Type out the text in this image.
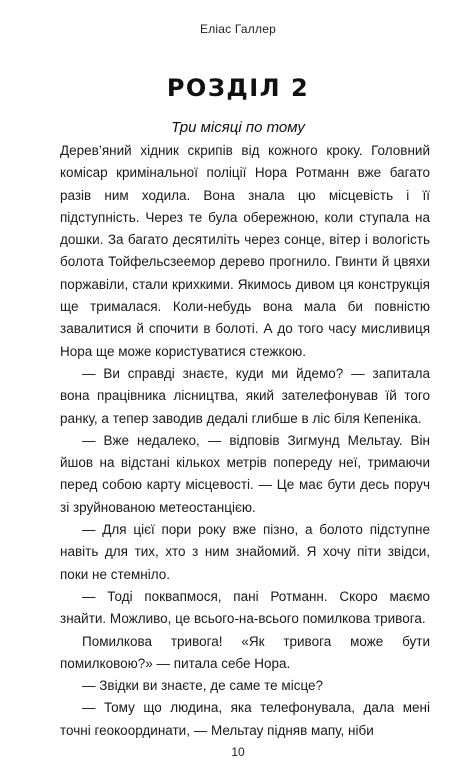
Еліас Галлер
РОЗДІЛ 2
Три місяці по тому

Дерев’яний хідник скрипів від кожного кроку. Головний комісар кримінальної поліції Нора Ротманн вже багато разів ним ходила. Вона знала цю місцевість і її підступність. Через те була обережною, коли ступала на дошки. За багато десятиліть через сонце, вітер і вологість болота Тойфельсзеемор дерево прогнило. Гвинти й цвяхи поржавіли, стали крихкими. Якимось дивом ця конструкція ще трималася. Коли-небудь вона мала би повністю завалитися й спочити в болоті. А до того часу мисливиця Нора ще може користуватися стежкою.

— Ви справді знаєте, куди ми йдемо? — запитала вона працівника лісництва, який зателефонував їй того ранку, а тепер заводив дедалі глибше в ліс біля Кепеніка.

— Вже недалеко, — відповів Зигмунд Мельтау. Він йшов на відстані кількох метрів попереду неї, тримаючи перед собою карту місцевості. — Це має бути десь поруч зі зруйнованою метеостанцією.

— Для цієї пори року вже пізно, а болото підступне навіть для тих, хто з ним знайомий. Я хочу піти звідси, поки не стемніло.

— Тоді поквапмося, пані Ротманн. Скоро маємо знайти. Можливо, це всього-на-всього помилкова тривога.

Помилкова тривога! «Як тривога може бути помилковою?» — питала себе Нора.

— Звідки ви знаєте, де саме те місце?

— Тому що людина, яка телефонувала, дала мені точні геокоординати, — Мельтау підняв мапу, ніби

10
